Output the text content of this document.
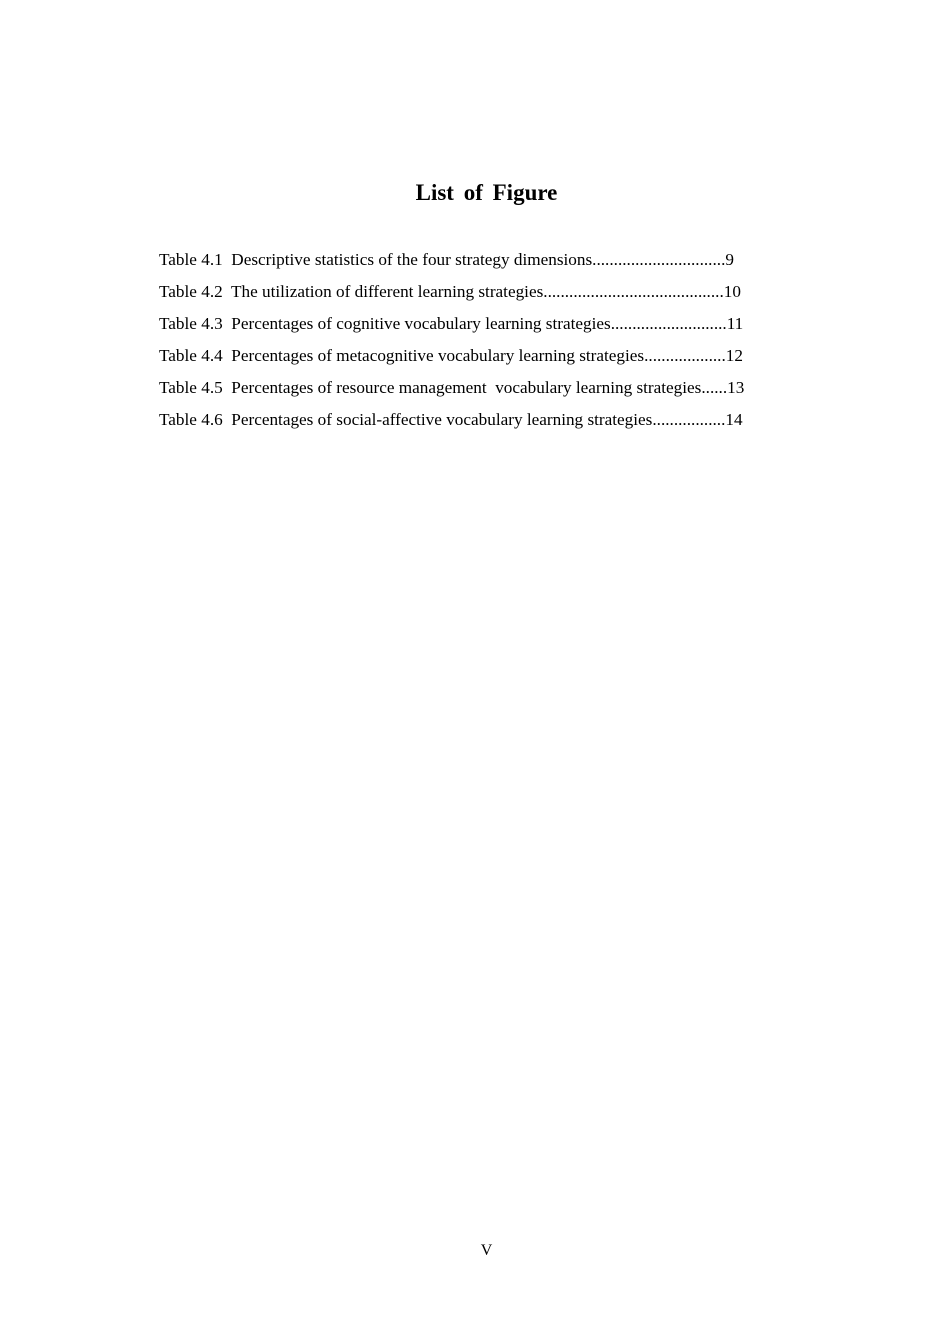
List of Figure
Table 4.1  Descriptive statistics of the four strategy dimensions...............................9
Table 4.2  The utilization of different learning strategies..........................................10
Table 4.3  Percentages of cognitive vocabulary learning strategies...........................11
Table 4.4  Percentages of metacognitive vocabulary learning strategies...................12
Table 4.5  Percentages of resource management  vocabulary learning strategies......13
Table 4.6  Percentages of social-affective vocabulary learning strategies.................14
V
